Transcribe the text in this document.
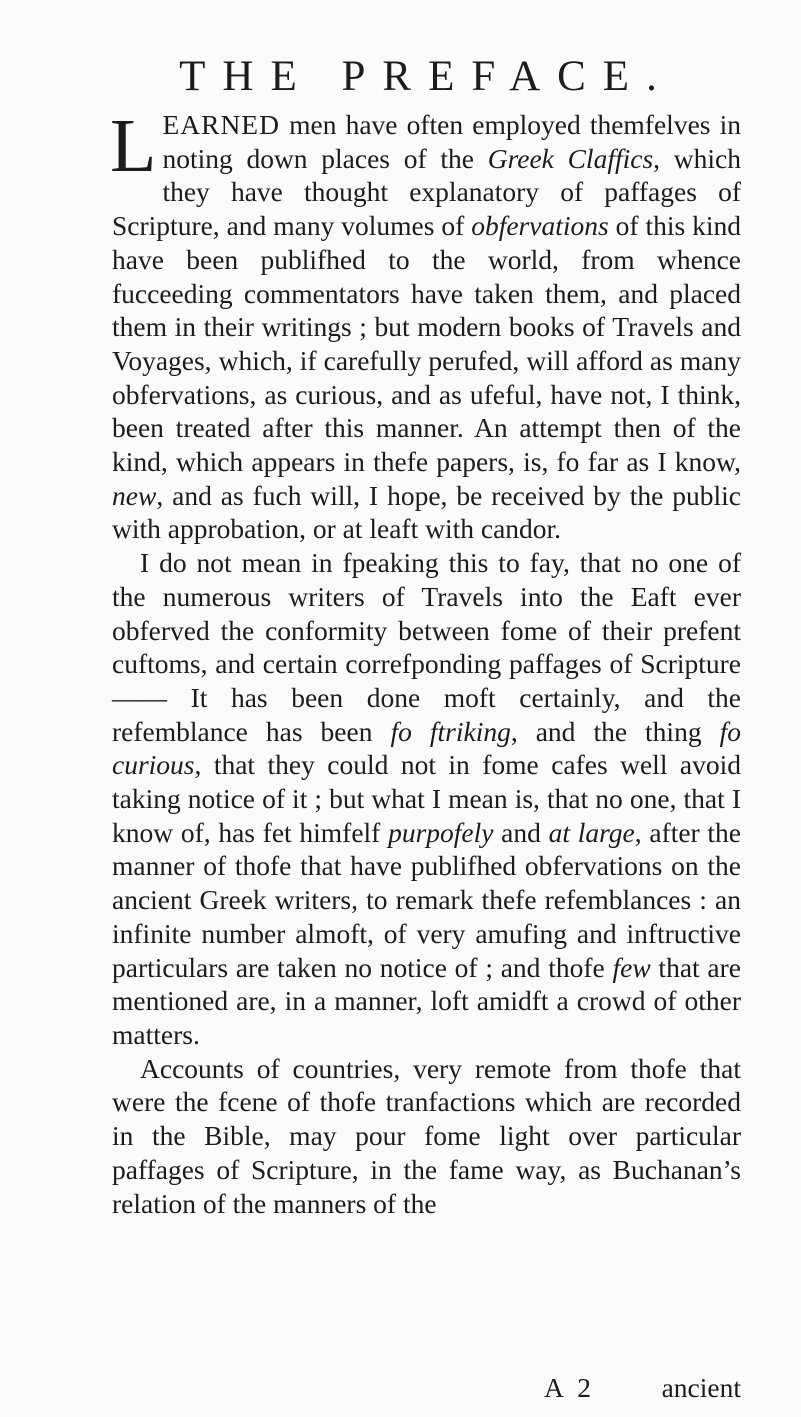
THE PREFACE.

LEARNED men have often employed themfelves in noting down places of the Greek Claffics, which they have thought explanatory of paffages of Scripture, and many volumes of obfervations of this kind have been publifhed to the world, from whence fucceeding commentators have taken them, and placed them in their writings ; but modern books of Travels and Voyages, which, if carefully perufed, will afford as many obfervations, as curious, and as ufeful, have not, I think, been treated after this manner. An attempt then of the kind, which appears in thefe papers, is, fo far as I know, new, and as fuch will, I hope, be received by the public with approbation, or at leaft with candor.

I do not mean in fpeaking this to fay, that no one of the numerous writers of Travels into the Eaft ever obferved the conformity between fome of their prefent cuftoms, and certain correfponding paffages of Scripture —— It has been done moft certainly, and the refemblance has been fo ftriking, and the thing fo curious, that they could not in fome cafes well avoid taking notice of it ; but what I mean is, that no one, that I know of, has fet himfelf purpofely and at large, after the manner of thofe that have publifhed obfervations on the ancient Greek writers, to remark thefe refemblances : an infinite number almoft, of very amufing and inftructive particulars are taken no notice of ; and thofe few that are mentioned are, in a manner, loft amidft a crowd of other matters.

Accounts of countries, very remote from thofe that were the fcene of thofe tranfactions which are recorded in the Bible, may pour fome light over particular paffages of Scripture, in the fame way, as Buchanan’s relation of the manners of the

A 2 ancient
